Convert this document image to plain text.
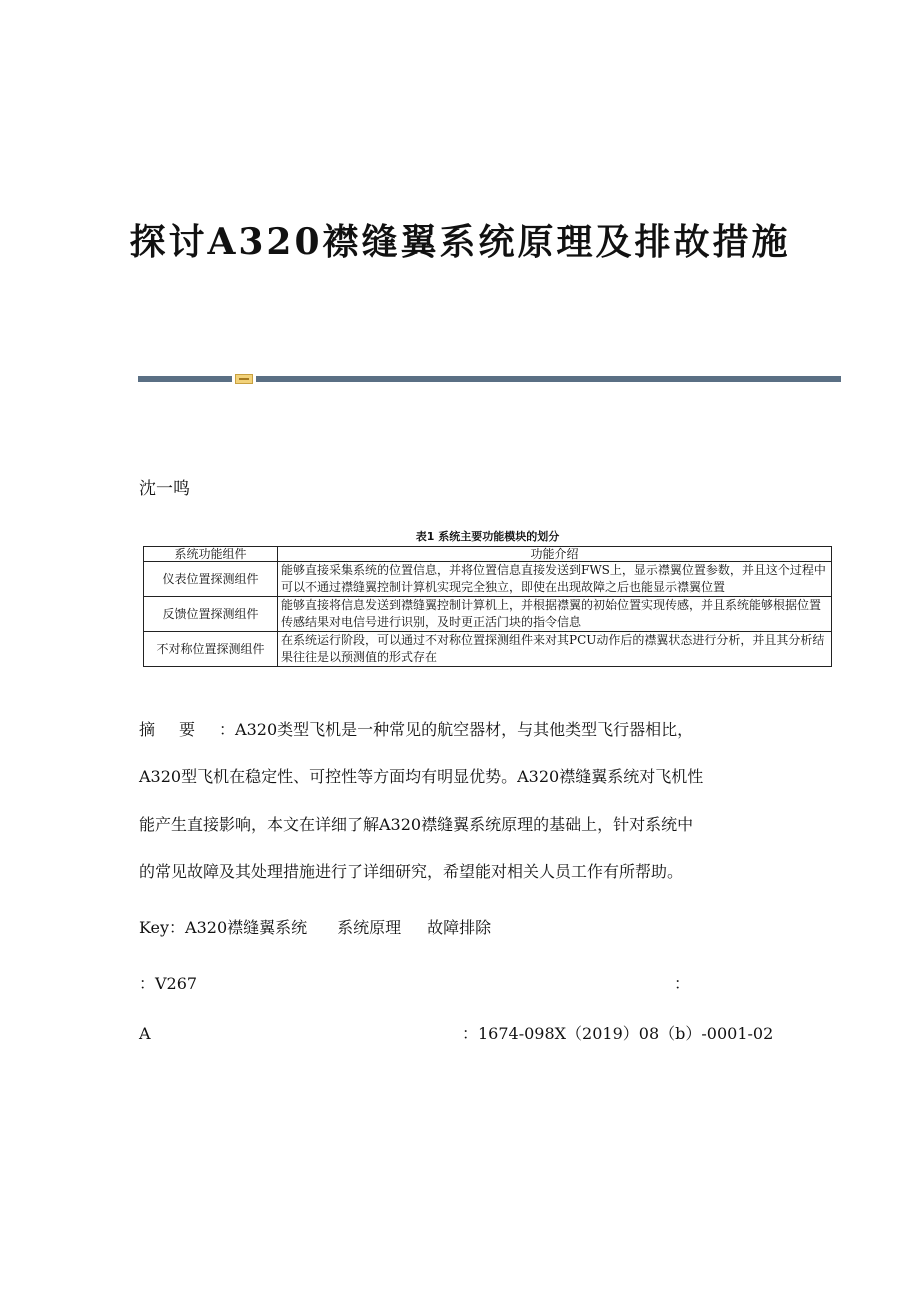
探讨A320襟缝翼系统原理及排故措施
沈一鸣
表1 系统主要功能模块的划分
系统功能组件	功能介绍
仪表位置探测组件	能够直接采集系统的位置信息，并将位置信息直接发送到FWS上，显示襟翼位置参数，并且这个过程中可以不通过襟缝翼控制计算机实现完全独立，即使在出现故障之后也能显示襟翼位置
反馈位置探测组件	能够直接将信息发送到襟缝翼控制计算机上，并根据襟翼的初始位置实现传感，并且系统能够根据位置传感结果对电信号进行识别，及时更正活门块的指令信息
不对称位置探测组件	在系统运行阶段，可以通过不对称位置探测组件来对其PCU动作后的襟翼状态进行分析，并且其分析结果往往是以预测值的形式存在
摘要：A320类型飞机是一种常见的航空器材，与其他类型飞行器相比，
A320型飞机在稳定性、可控性等方面均有明显优势。A320襟缝翼系统对飞机性
能产生直接影响，本文在详细了解A320襟缝翼系统原理的基础上，针对系统中
的常见故障及其处理措施进行了详细研究，希望能对相关人员工作有所帮助。
Key：A320襟缝翼系统 系统原理 故障排除
：V267	：
A	：1674-098X（2019）08（b）-0001-02
